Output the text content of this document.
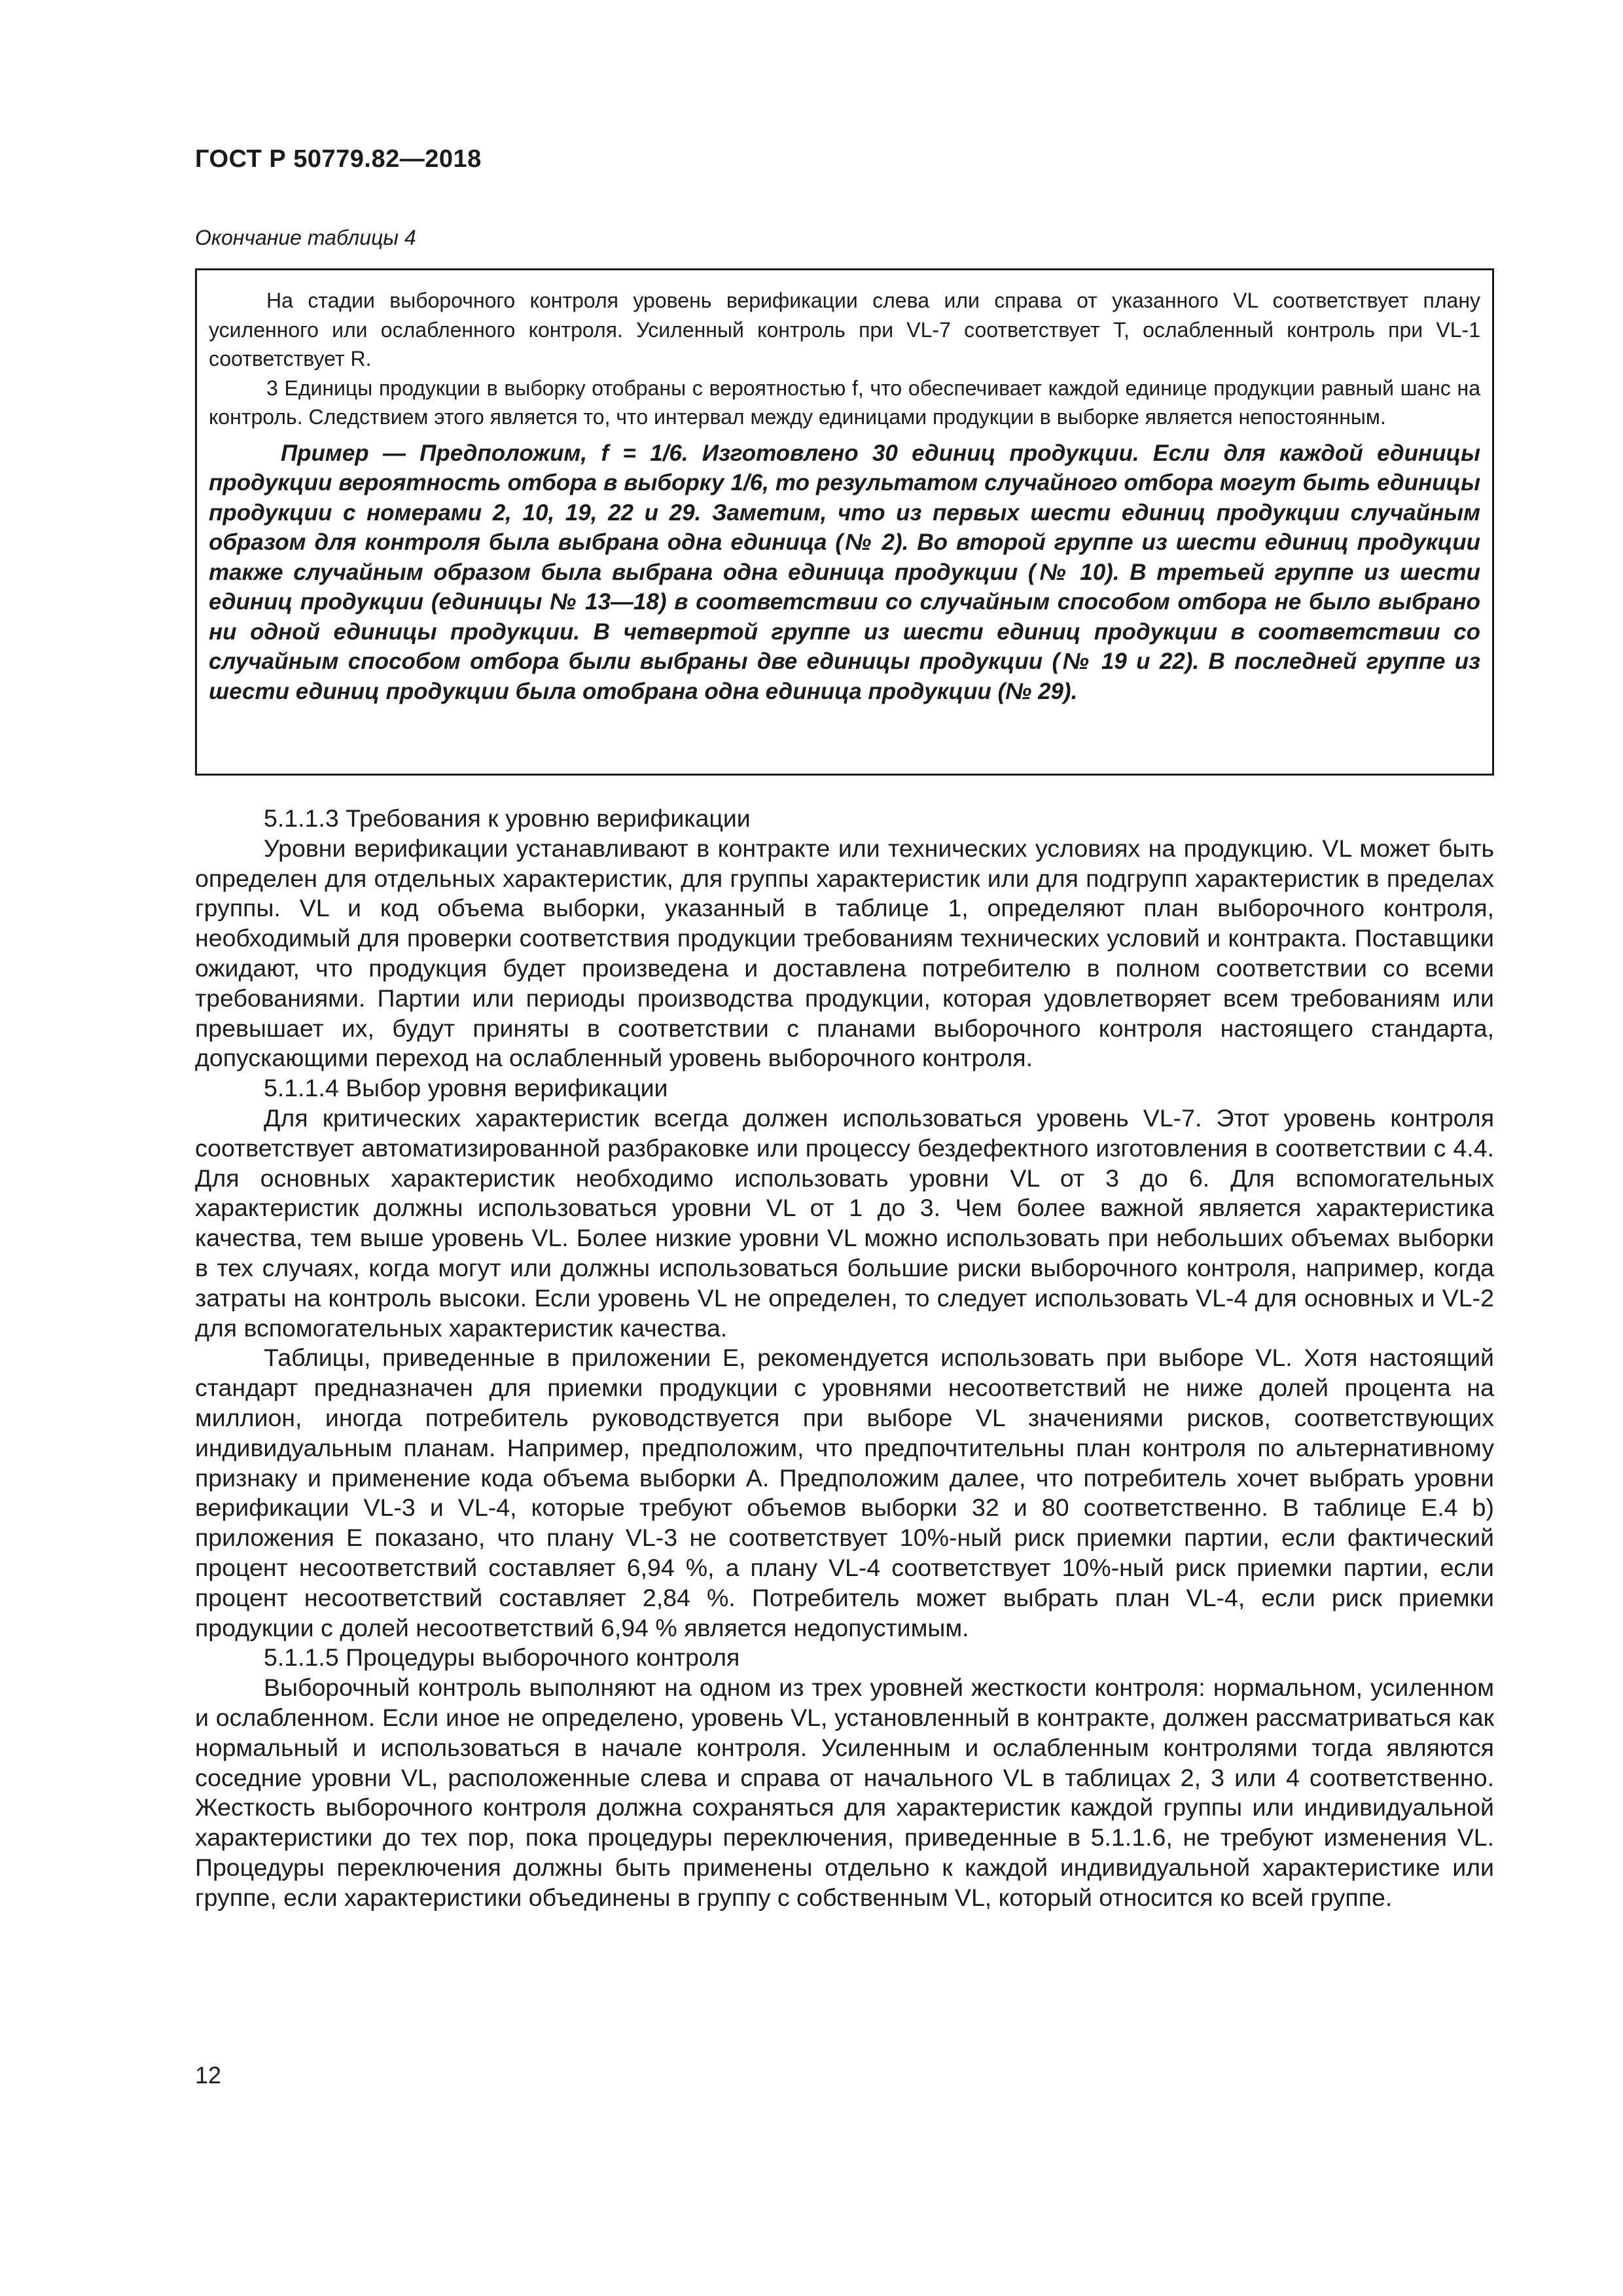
ГОСТ Р 50779.82—2018
Окончание таблицы 4

На стадии выборочного контроля уровень верификации слева или справа от указанного VL соответствует плану усиленного или ослабленного контроля. Усиленный контроль при VL-7 соответствует T, ослабленный контроль при VL-1 соответствует R.

3 Единицы продукции в выборку отобраны с вероятностью f, что обеспечивает каждой единице продукции равный шанс на контроль. Следствием этого является то, что интервал между единицами продукции в выборке является непостоянным.

Пример — Предположим, f = 1/6. Изготовлено 30 единиц продукции. Если для каждой единицы продукции вероятность отбора в выборку 1/6, то результатом случайного отбора могут быть единицы продукции с номерами 2, 10, 19, 22 и 29. Заметим, что из первых шести единиц продукции случайным образом для контроля была выбрана одна единица (№ 2). Во второй группе из шести единиц продукции также случайным образом была выбрана одна единица продукции (№ 10). В третьей группе из шести единиц продукции (единицы № 13—18) в соответствии со случайным способом отбора не было выбрано ни одной единицы продукции. В четвертой группе из шести единиц продукции в соответствии со случайным способом отбора были выбраны две единицы продукции (№ 19 и 22). В последней группе из шести единиц продукции была отобрана одна единица продукции (№ 29).

5.1.1.3 Требования к уровню верификации

Уровни верификации устанавливают в контракте или технических условиях на продукцию. VL может быть определен для отдельных характеристик, для группы характеристик или для подгрупп характеристик в пределах группы. VL и код объема выборки, указанный в таблице 1, определяют план выборочного контроля, необходимый для проверки соответствия продукции требованиям технических условий и контракта. Поставщики ожидают, что продукция будет произведена и доставлена потребителю в полном соответствии со всеми требованиями. Партии или периоды производства продукции, которая удовлетворяет всем требованиям или превышает их, будут приняты в соответствии с планами выборочного контроля настоящего стандарта, допускающими переход на ослабленный уровень выборочного контроля.

5.1.1.4 Выбор уровня верификации

Для критических характеристик всегда должен использоваться уровень VL-7. Этот уровень контроля соответствует автоматизированной разбраковке или процессу бездефектного изготовления в соответствии с 4.4. Для основных характеристик необходимо использовать уровни VL от 3 до 6. Для вспомогательных характеристик должны использоваться уровни VL от 1 до 3. Чем более важной является характеристика качества, тем выше уровень VL. Более низкие уровни VL можно использовать при небольших объемах выборки в тех случаях, когда могут или должны использоваться большие риски выборочного контроля, например, когда затраты на контроль высоки. Если уровень VL не определен, то следует использовать VL-4 для основных и VL-2 для вспомогательных характеристик качества.

Таблицы, приведенные в приложении Е, рекомендуется использовать при выборе VL. Хотя настоящий стандарт предназначен для приемки продукции с уровнями несоответствий не ниже долей процента на миллион, иногда потребитель руководствуется при выборе VL значениями рисков, соответствующих индивидуальным планам. Например, предположим, что предпочтительны план контроля по альтернативному признаку и применение кода объема выборки A. Предположим далее, что потребитель хочет выбрать уровни верификации VL-3 и VL-4, которые требуют объемов выборки 32 и 80 соответственно. В таблице Е.4 b) приложения Е показано, что плану VL-3 не соответствует 10%-ный риск приемки партии, если фактический процент несоответствий составляет 6,94 %, а плану VL-4 соответствует 10%-ный риск приемки партии, если процент несоответствий составляет 2,84 %. Потребитель может выбрать план VL-4, если риск приемки продукции с долей несоответствий 6,94 % является недопустимым.

5.1.1.5 Процедуры выборочного контроля

Выборочный контроль выполняют на одном из трех уровней жесткости контроля: нормальном, усиленном и ослабленном. Если иное не определено, уровень VL, установленный в контракте, должен рассматриваться как нормальный и использоваться в начале контроля. Усиленным и ослабленным контролями тогда являются соседние уровни VL, расположенные слева и справа от начального VL в таблицах 2, 3 или 4 соответственно. Жесткость выборочного контроля должна сохраняться для характеристик каждой группы или индивидуальной характеристики до тех пор, пока процедуры переключения, приведенные в 5.1.1.6, не требуют изменения VL. Процедуры переключения должны быть применены отдельно к каждой индивидуальной характеристике или группе, если характеристики объединены в группу с собственным VL, который относится ко всей группе.

12
